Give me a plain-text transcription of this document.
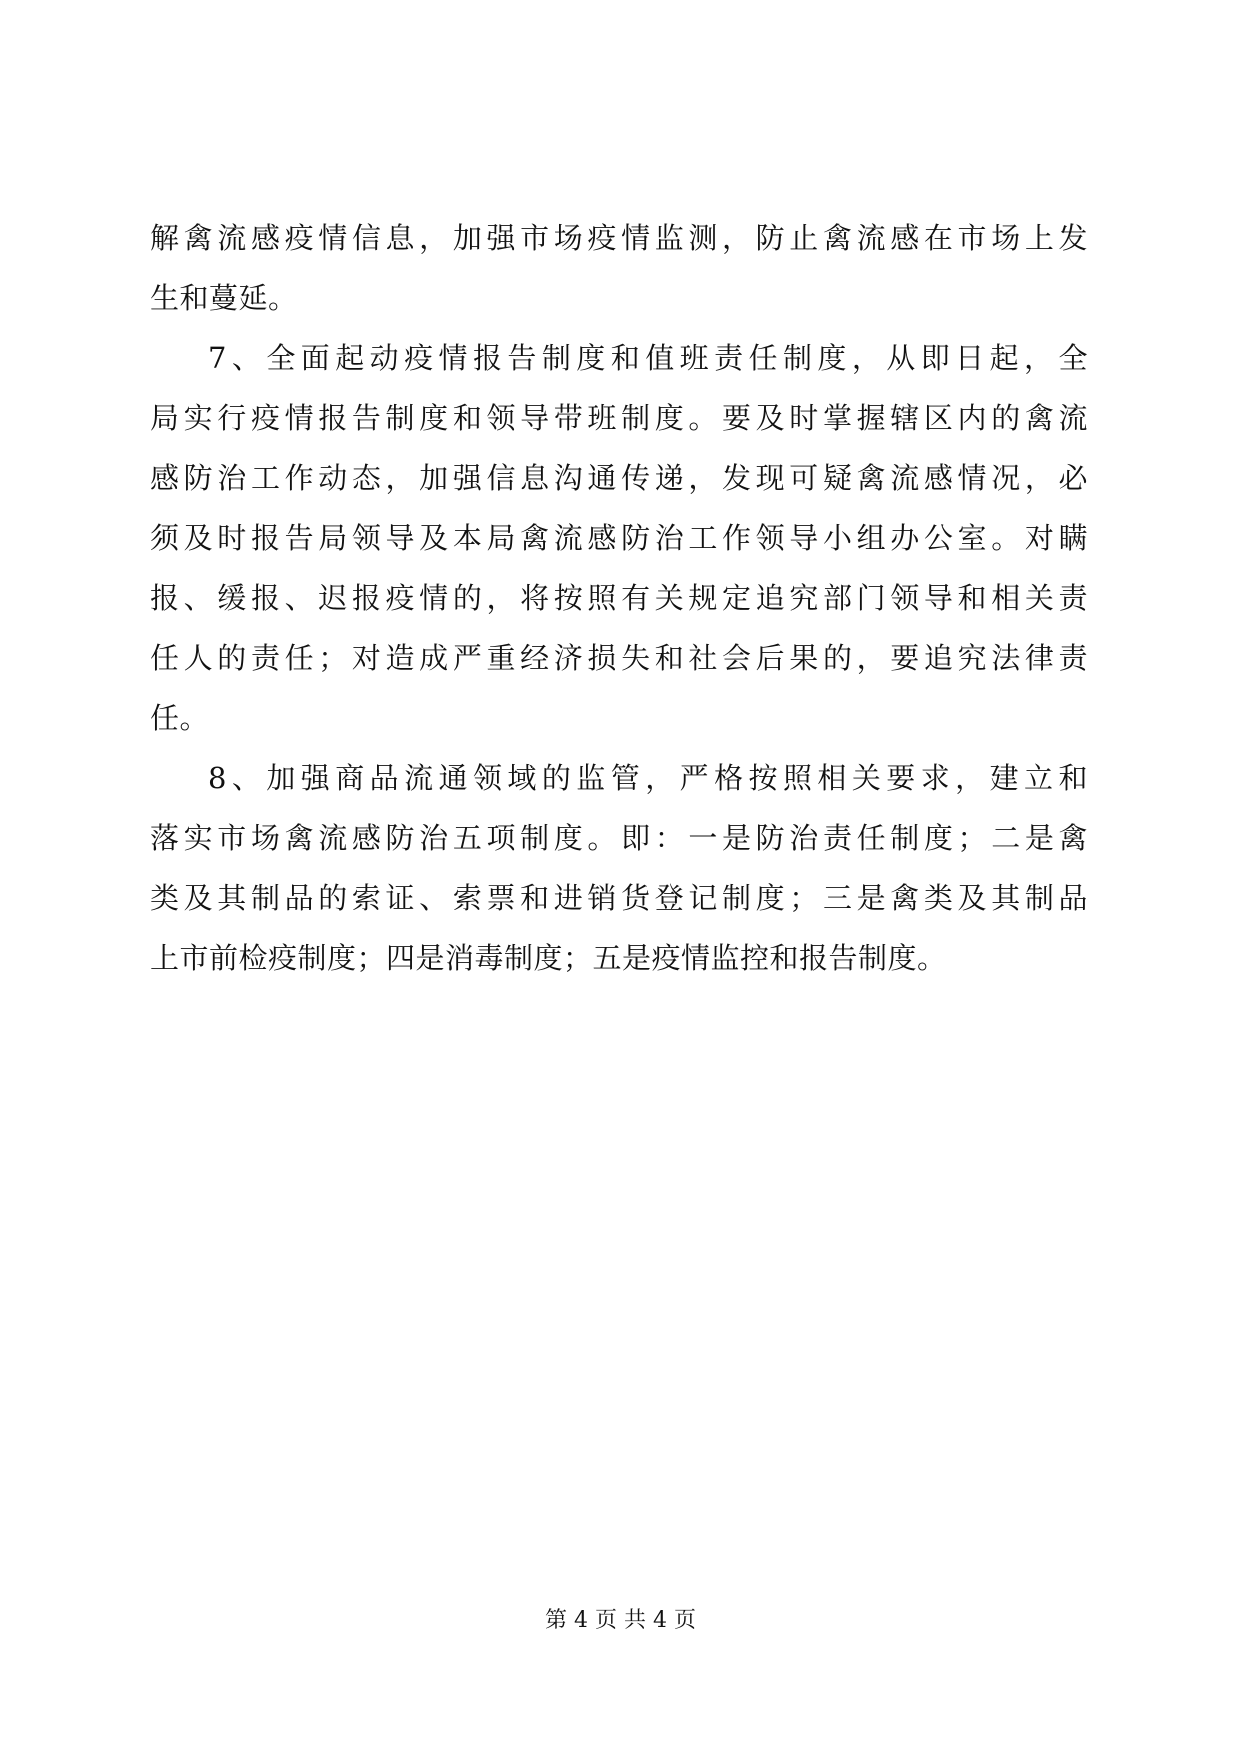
解禽流感疫情信息，加强市场疫情监测，防止禽流感在市场上发
生和蔓延。
7、全面起动疫情报告制度和值班责任制度，从即日起，全
局实行疫情报告制度和领导带班制度。要及时掌握辖区内的禽流
感防治工作动态，加强信息沟通传递，发现可疑禽流感情况，必
须及时报告局领导及本局禽流感防治工作领导小组办公室。对瞒
报、缓报、迟报疫情的，将按照有关规定追究部门领导和相关责
任人的责任；对造成严重经济损失和社会后果的，要追究法律责
任。
8、加强商品流通领域的监管，严格按照相关要求，建立和
落实市场禽流感防治五项制度。即：一是防治责任制度；二是禽
类及其制品的索证、索票和进销货登记制度；三是禽类及其制品
上市前检疫制度；四是消毒制度；五是疫情监控和报告制度。
第 4 页 共 4 页
